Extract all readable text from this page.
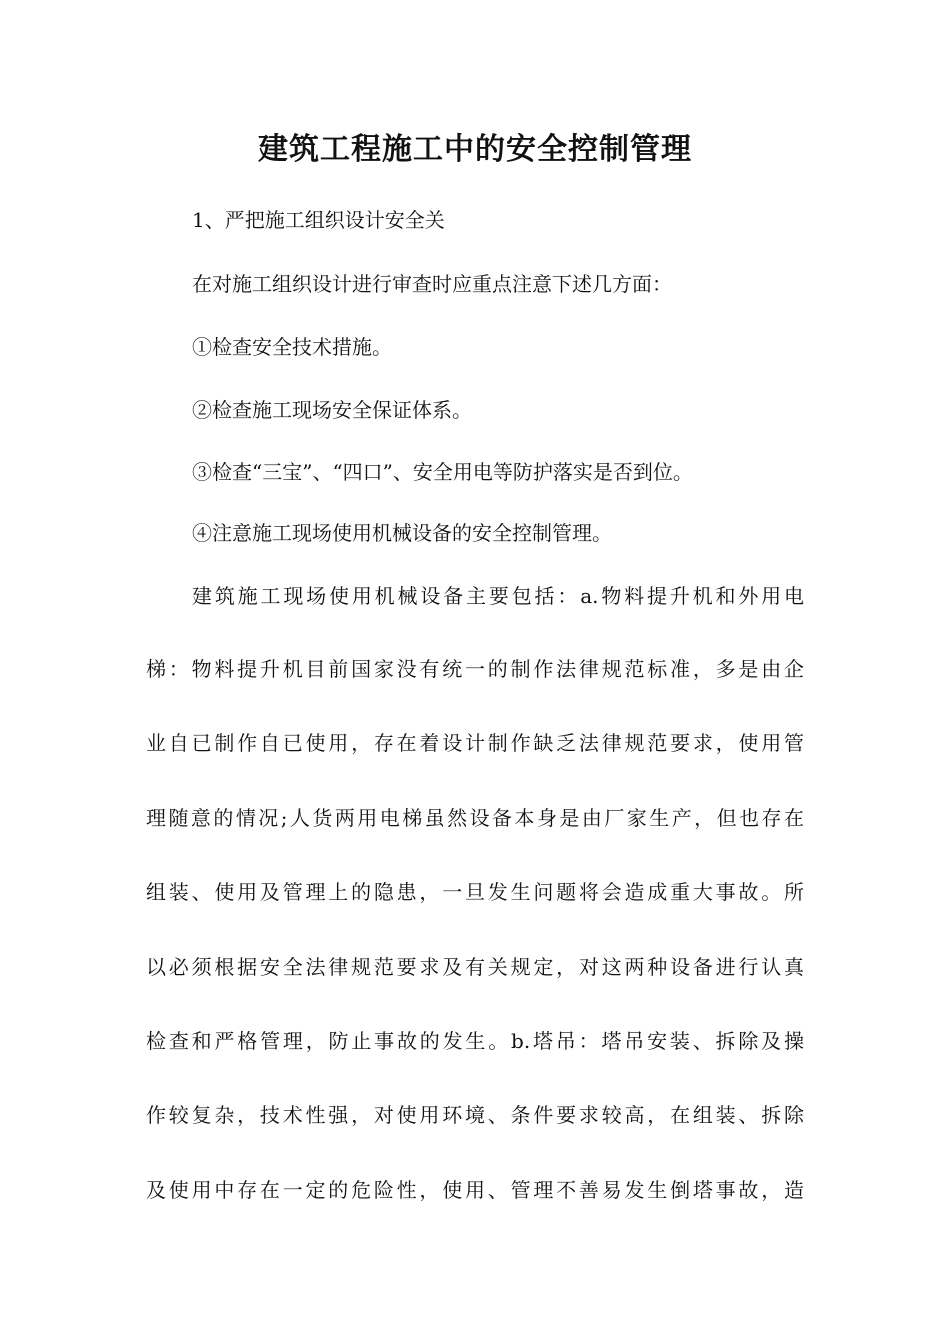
建筑工程施工中的安全控制管理

1、严把施工组织设计安全关

在对施工组织设计进行审查时应重点注意下述几方面：

①检查安全技术措施。

②检查施工现场安全保证体系。

③检查“三宝”、“四口”、安全用电等防护落实是否到位。

④注意施工现场使用机械设备的安全控制管理。

建筑施工现场使用机械设备主要包括：a.物料提升机和外用电

梯：物料提升机目前国家没有统一的制作法律规范标准，多是由企

业自已制作自已使用，存在着设计制作缺乏法律规范要求，使用管

理随意的情况;人货两用电梯虽然设备本身是由厂家生产，但也存在

组装、使用及管理上的隐患，一旦发生问题将会造成重大事故。所

以必须根据安全法律规范要求及有关规定，对这两种设备进行认真

检查和严格管理，防止事故的发生。b.塔吊：塔吊安装、拆除及操

作较复杂，技术性强，对使用环境、条件要求较高，在组装、拆除

及使用中存在一定的危险性，使用、管理不善易发生倒塔事故，造
